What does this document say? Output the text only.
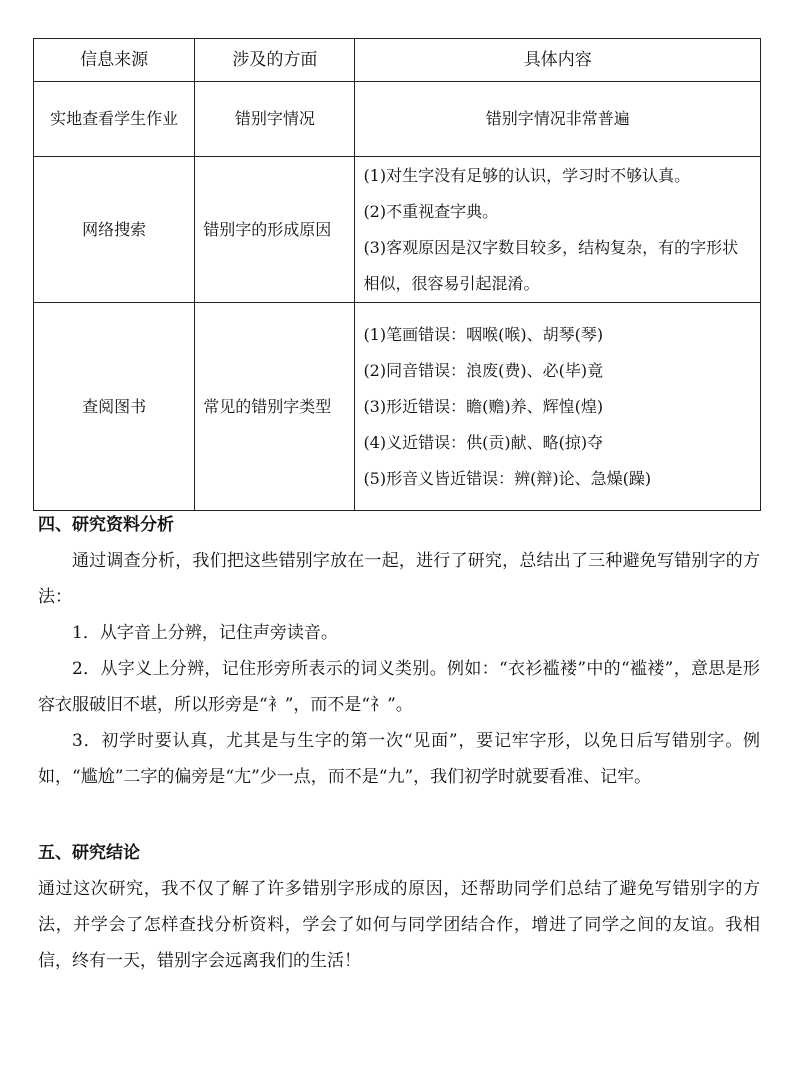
信息来源	涉及的方面	具体内容
实地查看学生作业	错别字情况	错别字情况非常普遍
网络搜索	错别字的形成原因	(1)对生字没有足够的认识，学习时不够认真。
(2)不重视查字典。
(3)客观原因是汉字数目较多，结构复杂，有的字形状相似，很容易引起混淆。

查阅图书	常见的错别字类型	(1)笔画错误：咽喉(喉)、胡琴(琴)
(2)同音错误：浪废(费)、必(毕)竟
(3)形近错误：瞻(赡)养、辉惶(煌)
(4)义近错误：供(贡)献、略(掠)夺
(5)形音义皆近错误：辨(辩)论、急燥(躁)
四、研究资料分析
通过调查分析，我们把这些错别字放在一起，进行了研究，总结出了三种避免写错别字的方法：
1．从字音上分辨，记住声旁读音。
2．从字义上分辨，记住形旁所表示的词义类别。例如：“衣衫褴褛”中的“褴褛”，意思是形容衣服破旧不堪，所以形旁是“衤”，而不是“礻”。
3．初学时要认真，尤其是与生字的第一次“见面”，要记牢字形，以免日后写错别字。例如，“尴尬”二字的偏旁是“尢”少一点，而不是“九”，我们初学时就要看准、记牢。
五、研究结论
通过这次研究，我不仅了解了许多错别字形成的原因，还帮助同学们总结了避免写错别字的方法，并学会了怎样查找分析资料，学会了如何与同学团结合作，增进了同学之间的友谊。我相信，终有一天，错别字会远离我们的生活！
